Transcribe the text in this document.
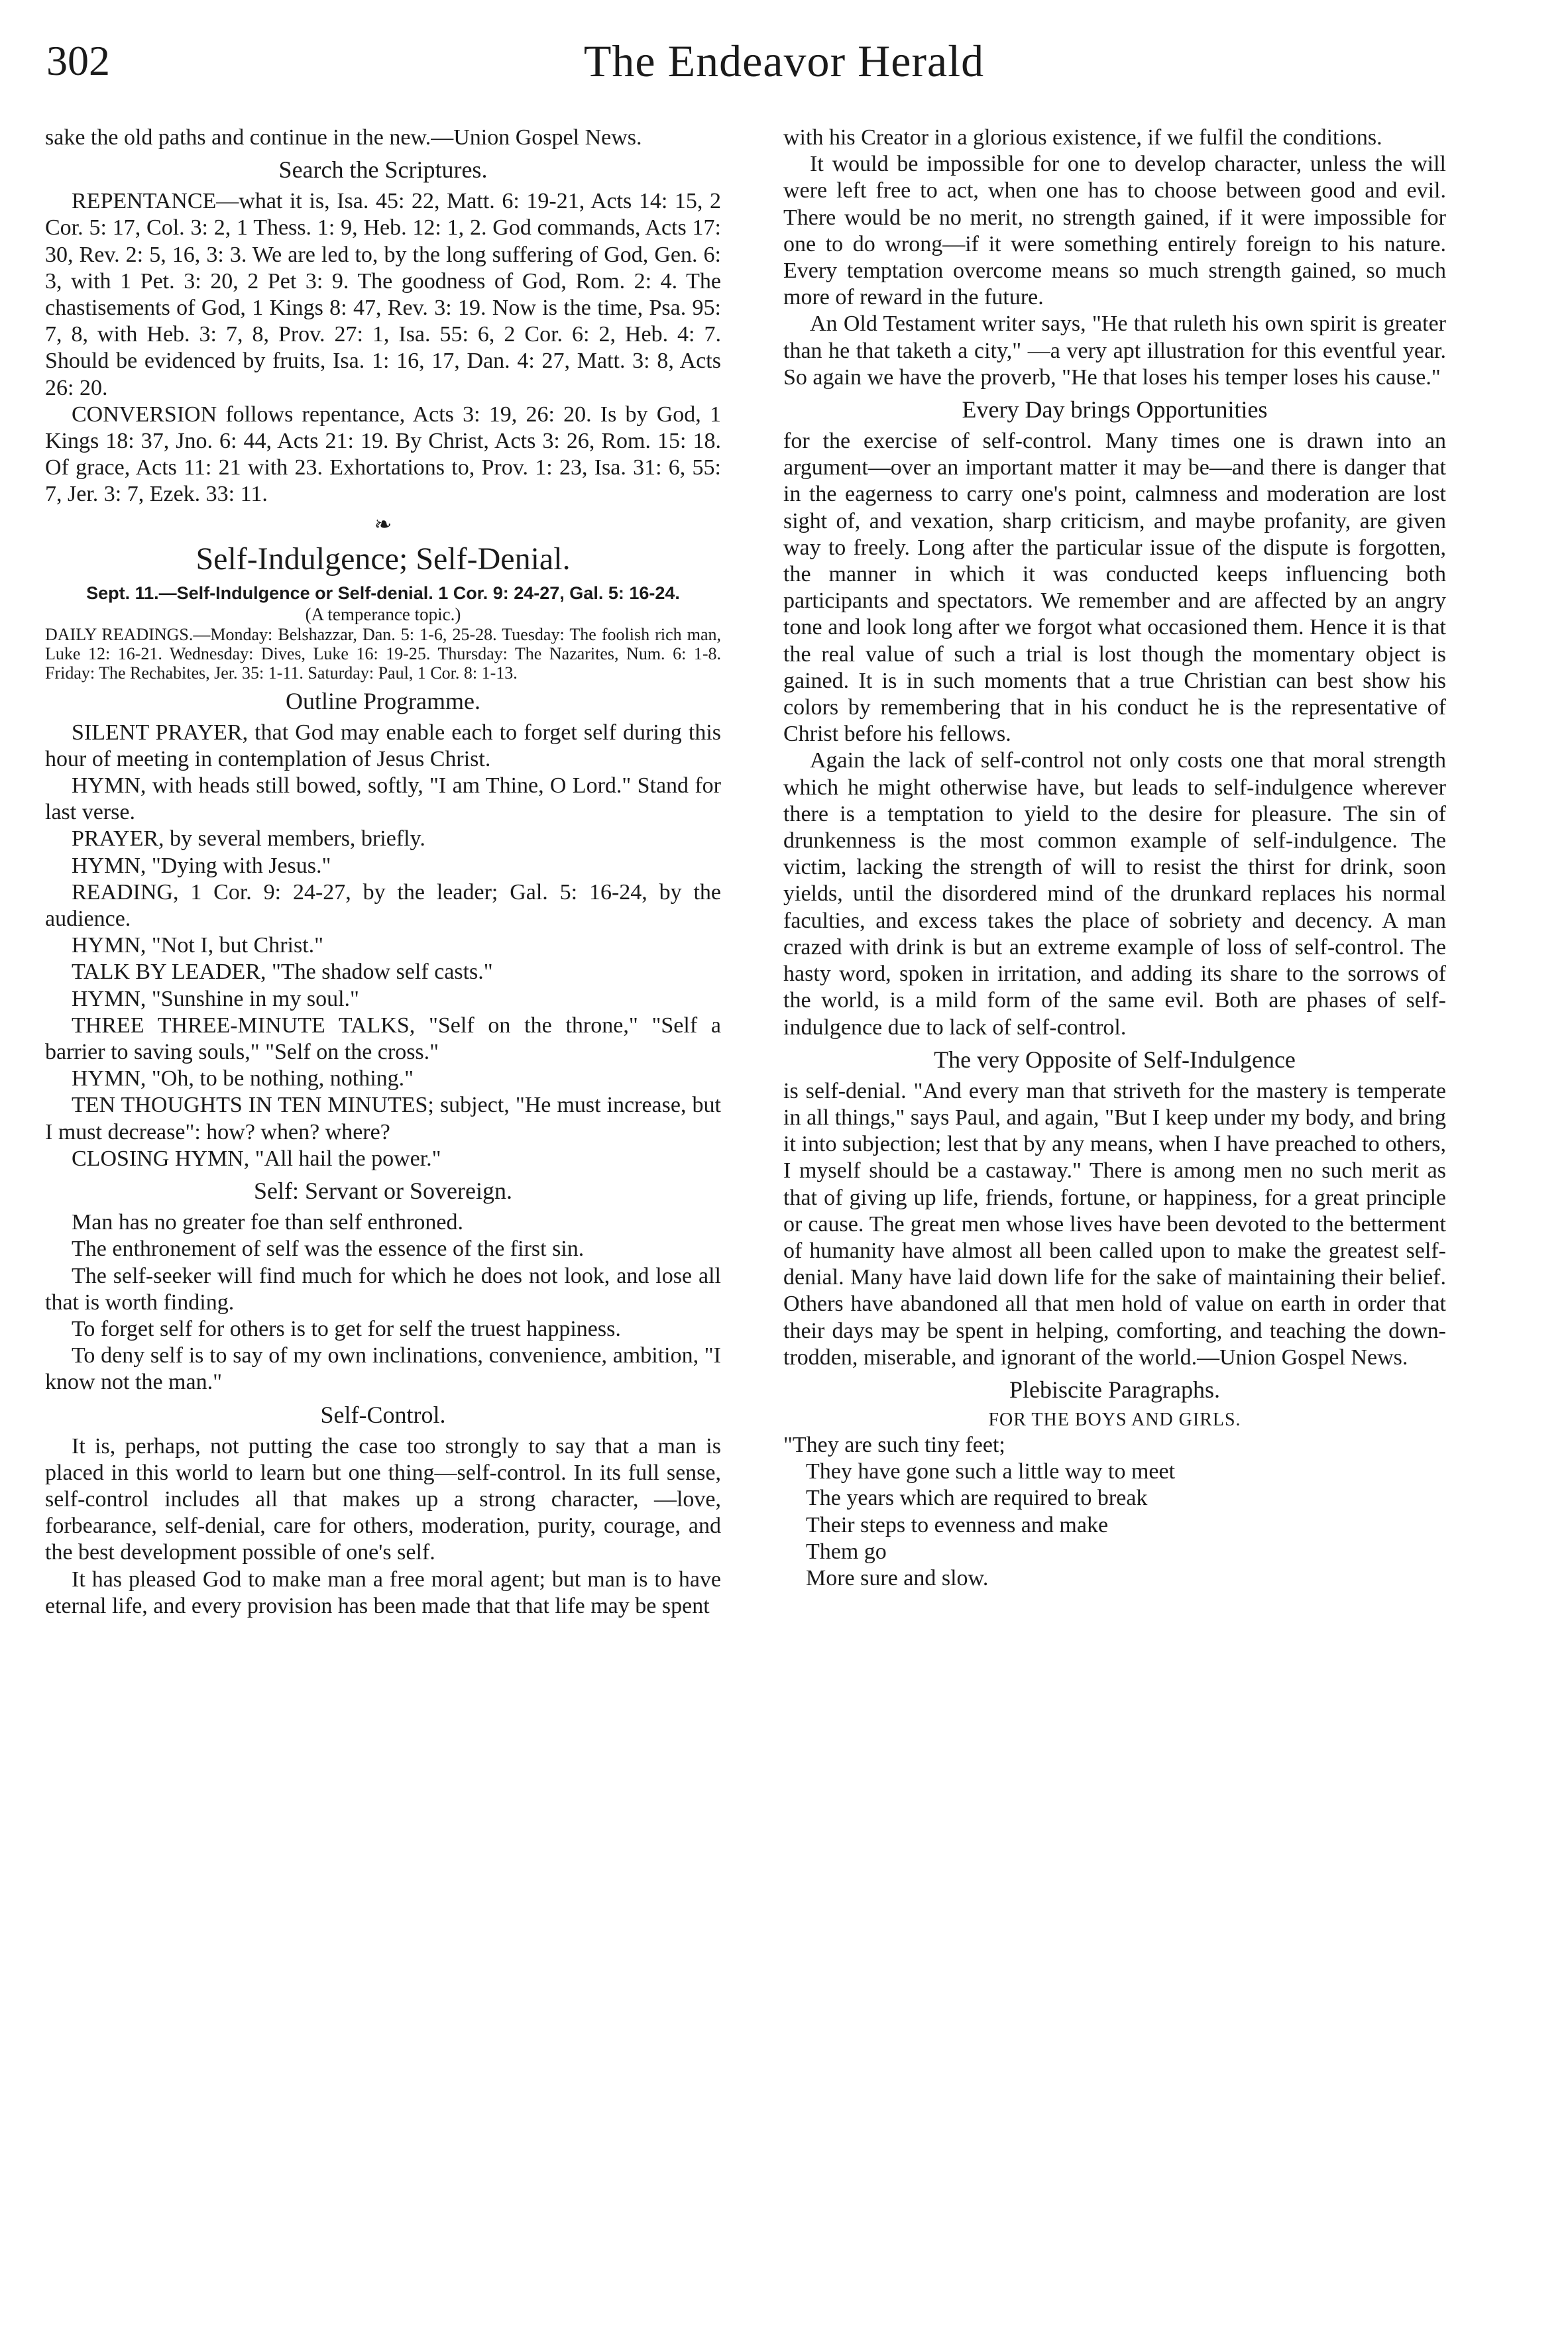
302	The Endeavor Herald

sake the old paths and continue in the new.—Union Gospel News.

Search the Scriptures.

REPENTANCE—what it is, Isa. 45: 22, Matt. 6: 19-21, Acts 14: 15, 2 Cor. 5: 17, Col. 3: 2, 1 Thess. 1: 9, Heb. 12: 1, 2. God commands, Acts 17: 30, Rev. 2: 5, 16, 3: 3. We are led to, by the long suffering of God, Gen. 6: 3, with 1 Pet. 3: 20, 2 Pet 3: 9. The goodness of God, Rom. 2: 4. The chastisements of God, 1 Kings 8: 47, Rev. 3: 19. Now is the time, Psa. 95: 7, 8, with Heb. 3: 7, 8, Prov. 27: 1, Isa. 55: 6, 2 Cor. 6: 2, Heb. 4: 7. Should be evidenced by fruits, Isa. 1: 16, 17, Dan. 4: 27, Matt. 3: 8, Acts 26: 20.

CONVERSION follows repentance, Acts 3: 19, 26: 20. Is by God, 1 Kings 18: 37, Jno. 6: 44, Acts 21: 19. By Christ, Acts 3: 26, Rom. 15: 18. Of grace, Acts 11: 21 with 23. Exhortations to, Prov. 1: 23, Isa. 31: 6, 55: 7, Jer. 3: 7, Ezek. 33: 11.

❧
Self-Indulgence; Self-Denial.
Sept. 11.—Self-Indulgence or Self-denial. 1 Cor. 9: 24-27, Gal. 5: 16-24.
(A temperance topic.)

DAILY READINGS.—Monday: Belshazzar, Dan. 5: 1-6, 25-28. Tuesday: The foolish rich man, Luke 12: 16-21. Wednesday: Dives, Luke 16: 19-25. Thursday: The Nazarites, Num. 6: 1-8. Friday: The Rechabites, Jer. 35: 1-11. Saturday: Paul, 1 Cor. 8: 1-13.

Outline Programme.

SILENT PRAYER, that God may enable each to forget self during this hour of meeting in contemplation of Jesus Christ.

HYMN, with heads still bowed, softly, "I am Thine, O Lord." Stand for last verse.

PRAYER, by several members, briefly.

HYMN, "Dying with Jesus."

READING, 1 Cor. 9: 24-27, by the leader; Gal. 5: 16-24, by the audience.

HYMN, "Not I, but Christ."

TALK BY LEADER, "The shadow self casts."

HYMN, "Sunshine in my soul."

THREE THREE-MINUTE TALKS, "Self on the throne," "Self a barrier to saving souls," "Self on the cross."

HYMN, "Oh, to be nothing, nothing."

TEN THOUGHTS IN TEN MINUTES; subject, "He must increase, but I must decrease": how? when? where?

CLOSING HYMN, "All hail the power."

Self: Servant or Sovereign.

Man has no greater foe than self enthroned.

The enthronement of self was the essence of the first sin.

The self-seeker will find much for which he does not look, and lose all that is worth finding.

To forget self for others is to get for self the truest happiness.

To deny self is to say of my own inclinations, convenience, ambition, "I know not the man."

Self-Control.

It is, perhaps, not putting the case too strongly to say that a man is placed in this world to learn but one thing—self-control. In its full sense, self-control includes all that makes up a strong character, —love, forbearance, self-denial, care for others, moderation, purity, courage, and the best development possible of one's self.

It has pleased God to make man a free moral agent; but man is to have eternal life, and every provision has been made that that life may be spent

with his Creator in a glorious existence, if we fulfil the conditions.

It would be impossible for one to develop character, unless the will were left free to act, when one has to choose between good and evil. There would be no merit, no strength gained, if it were impossible for one to do wrong—if it were something entirely foreign to his nature. Every temptation overcome means so much strength gained, so much more of reward in the future.

An Old Testament writer says, "He that ruleth his own spirit is greater than he that taketh a city," —a very apt illustration for this eventful year. So again we have the proverb, "He that loses his temper loses his cause."

Every Day brings Opportunities

for the exercise of self-control. Many times one is drawn into an argument—over an important matter it may be—and there is danger that in the eagerness to carry one's point, calmness and moderation are lost sight of, and vexation, sharp criticism, and maybe profanity, are given way to freely. Long after the particular issue of the dispute is forgotten, the manner in which it was conducted keeps influencing both participants and spectators. We remember and are affected by an angry tone and look long after we forgot what occasioned them. Hence it is that the real value of such a trial is lost though the momentary object is gained. It is in such moments that a true Christian can best show his colors by remembering that in his conduct he is the representative of Christ before his fellows.

Again the lack of self-control not only costs one that moral strength which he might otherwise have, but leads to self-indulgence wherever there is a temptation to yield to the desire for pleasure. The sin of drunkenness is the most common example of self-indulgence. The victim, lacking the strength of will to resist the thirst for drink, soon yields, until the disordered mind of the drunkard replaces his normal faculties, and excess takes the place of sobriety and decency. A man crazed with drink is but an extreme example of loss of self-control. The hasty word, spoken in irritation, and adding its share to the sorrows of the world, is a mild form of the same evil. Both are phases of self-indulgence due to lack of self-control.

The very Opposite of Self-Indulgence

is self-denial. "And every man that striveth for the mastery is temperate in all things," says Paul, and again, "But I keep under my body, and bring it into subjection; lest that by any means, when I have preached to others, I myself should be a castaway." There is among men no such merit as that of giving up life, friends, fortune, or happiness, for a great principle or cause. The great men whose lives have been devoted to the betterment of humanity have almost all been called upon to make the greatest self-denial. Many have laid down life for the sake of maintaining their belief. Others have abandoned all that men hold of value on earth in order that their days may be spent in helping, comforting, and teaching the down-trodden, miserable, and ignorant of the world.—Union Gospel News.

Plebiscite Paragraphs.
FOR THE BOYS AND GIRLS.
"They are such tiny feet;
They have gone such a little way to meet
The years which are required to break
Their steps to evenness and make
Them go
More sure and slow.
